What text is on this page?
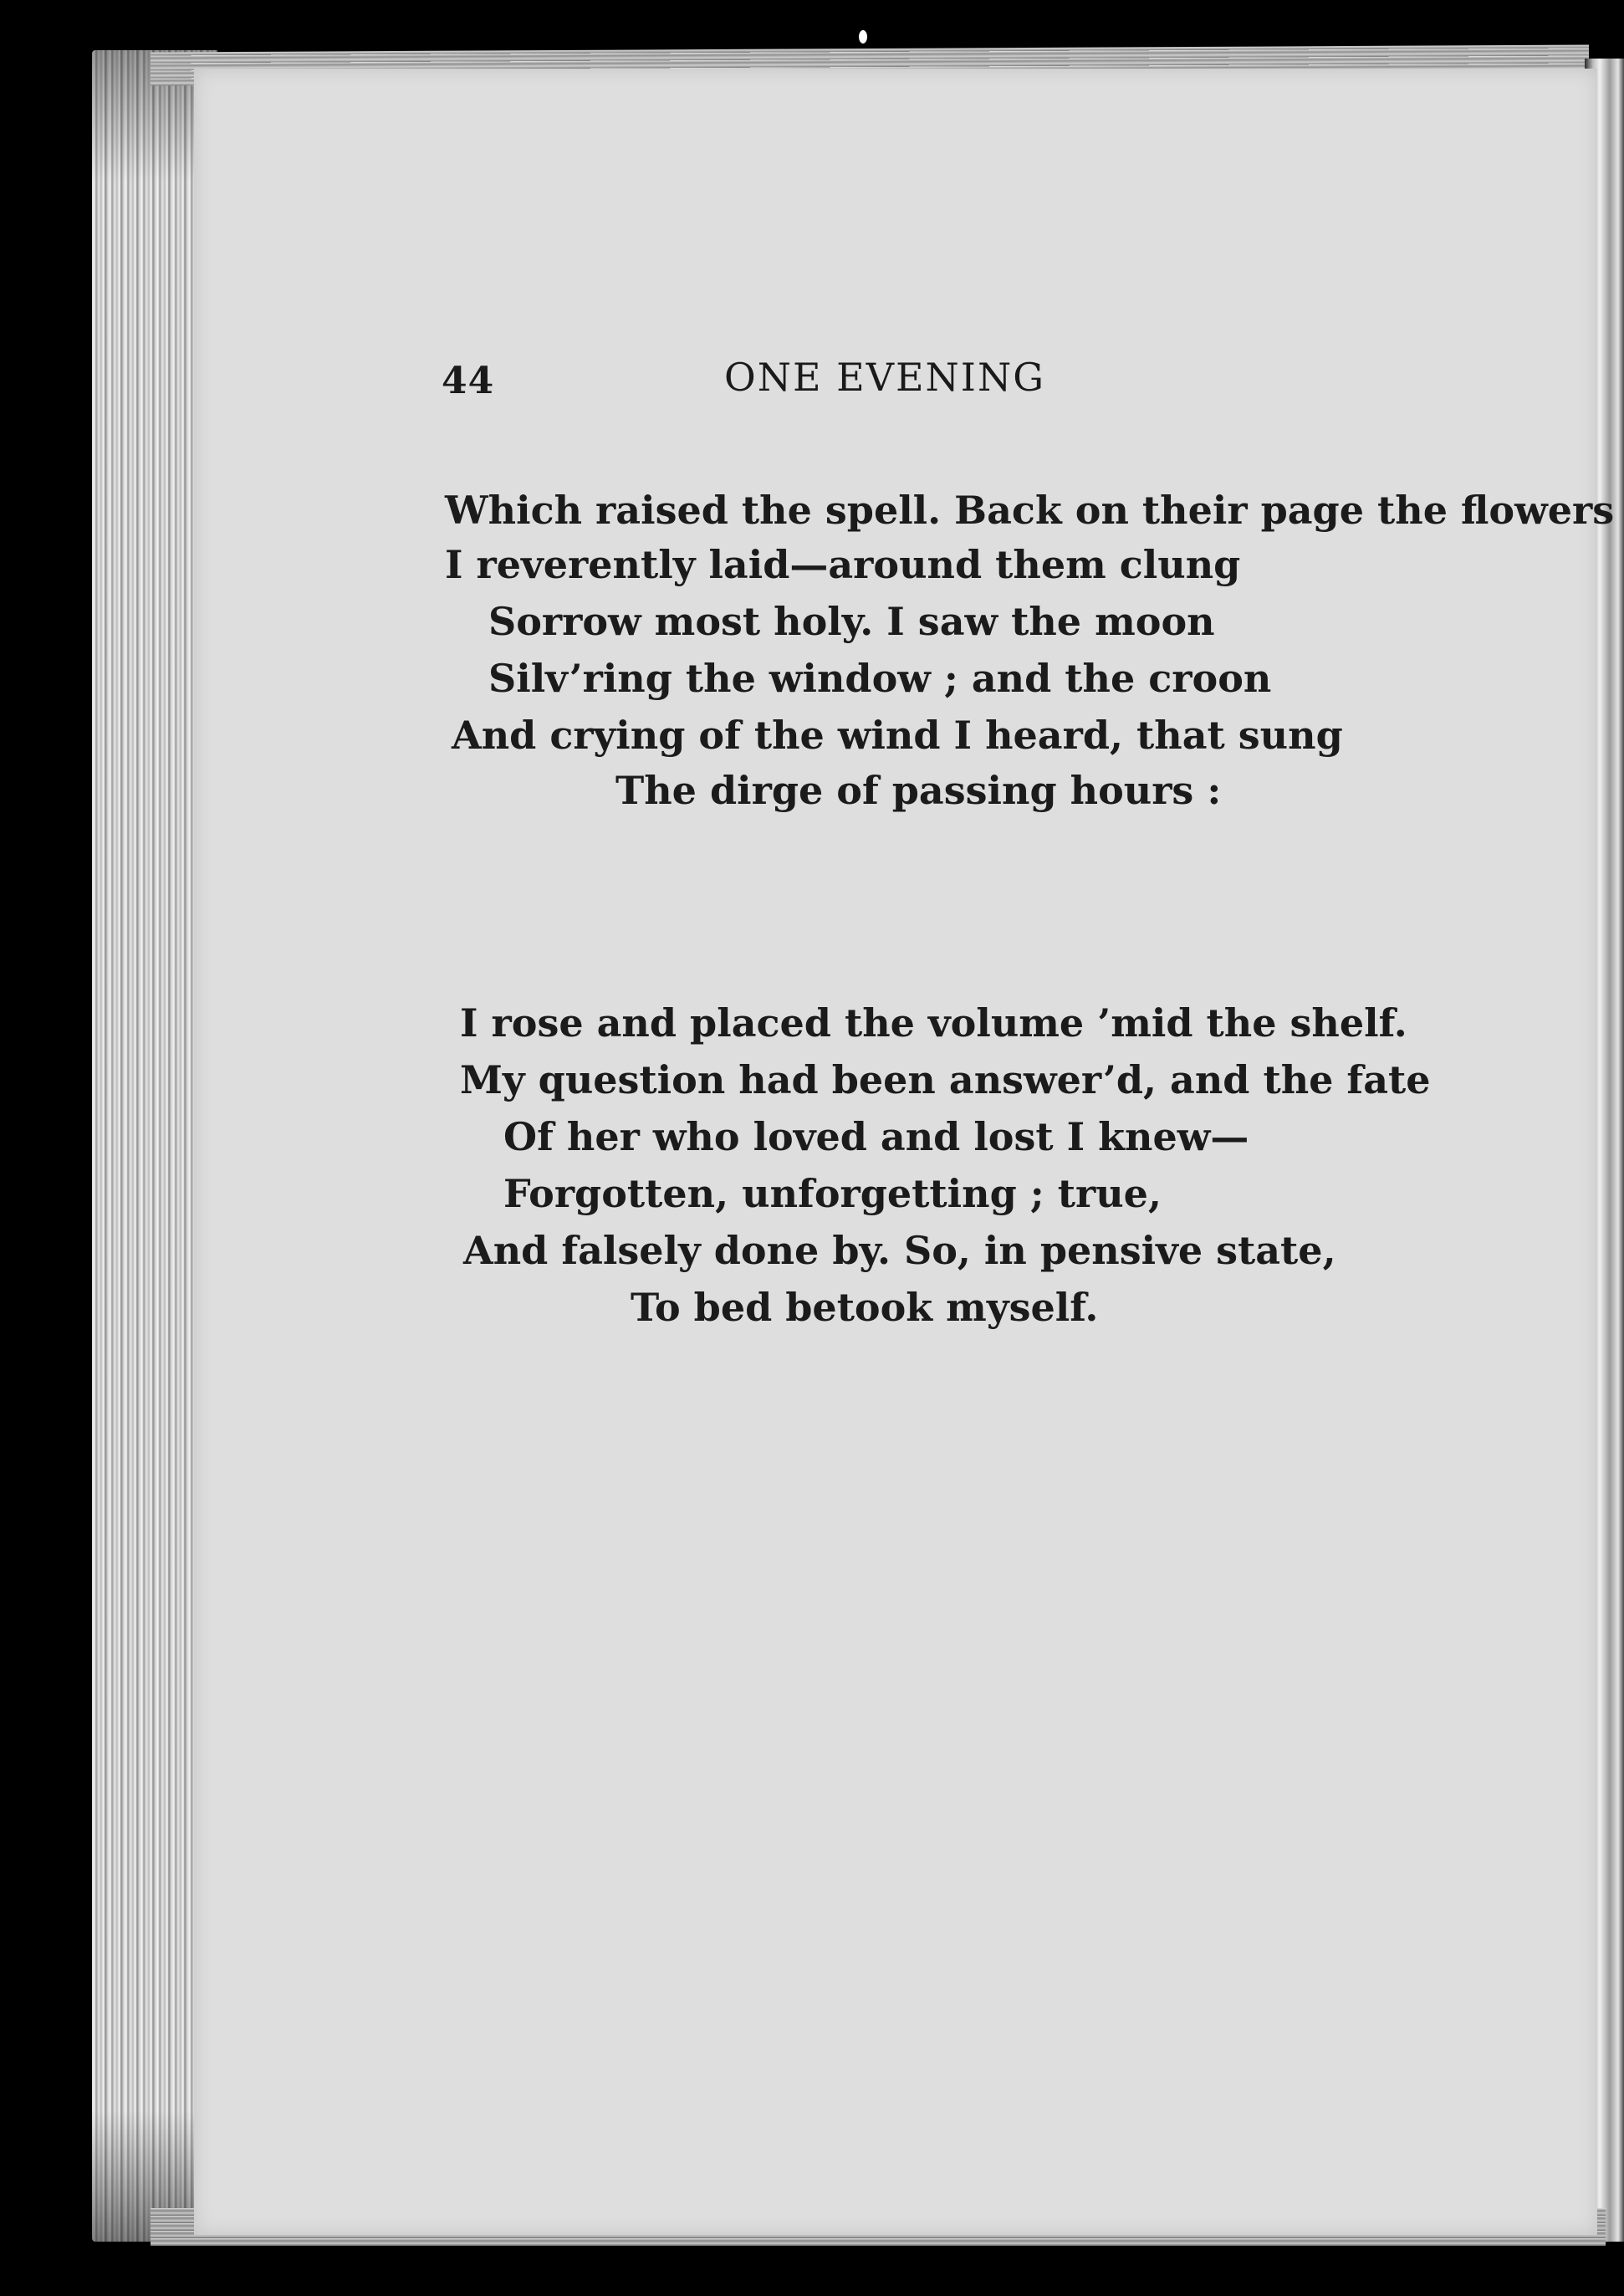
44	ONE EVENING
Which raised the spell. Back on their page the flowers
I reverently laid—around them clung
Sorrow most holy. I saw the moon
Silv’ring the window ; and the croon
And crying of the wind I heard, that sung
The dirge of passing hours :
I rose and placed the volume ’mid the shelf.
My question had been answer’d, and the fate
Of her who loved and lost I knew—
Forgotten, unforgetting ; true,
And falsely done by. So, in pensive state,
To bed betook myself.
